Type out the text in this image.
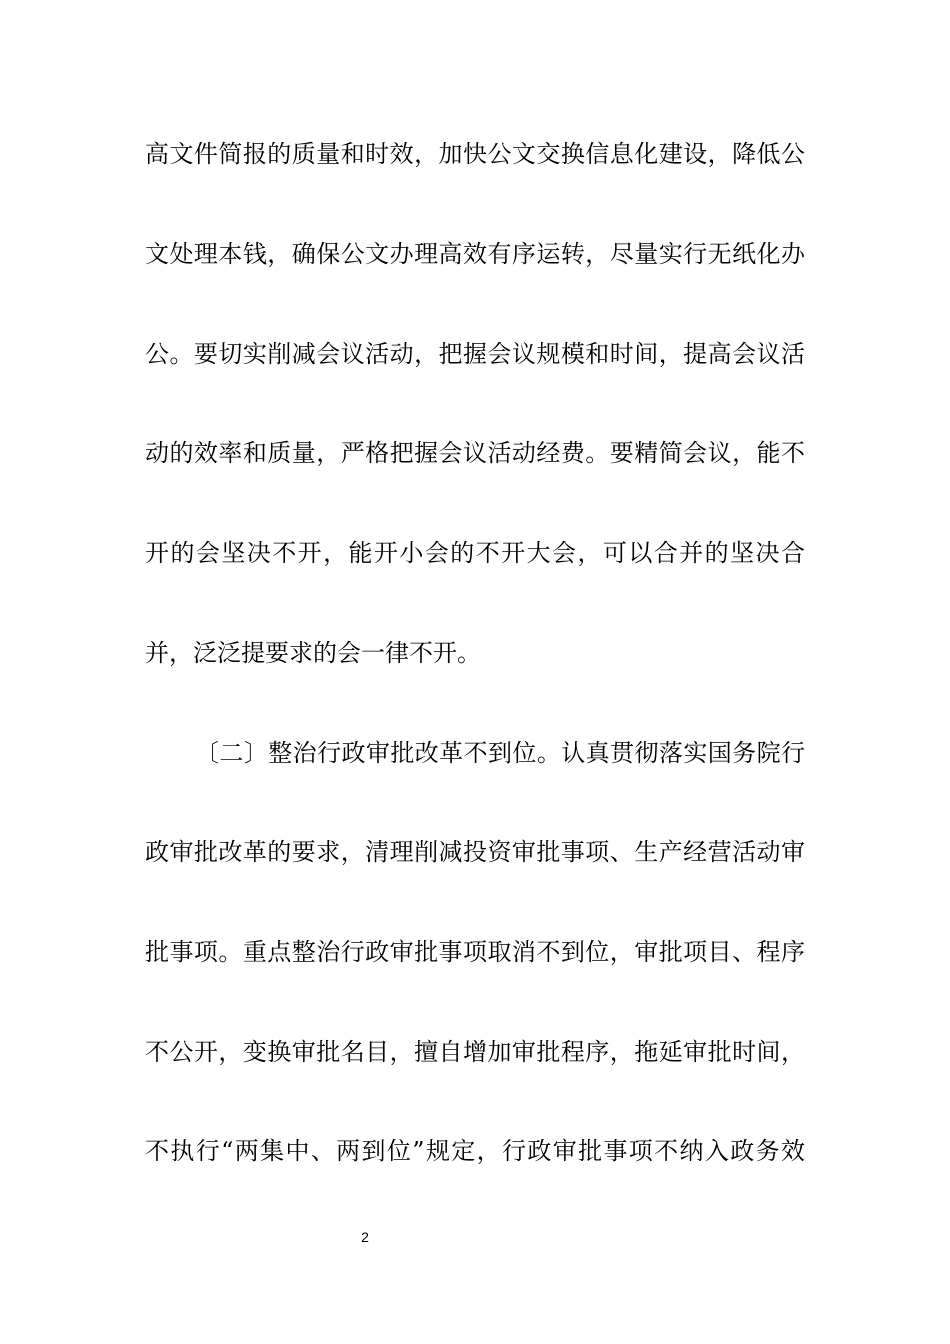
高文件简报的质量和时效，加快公文交换信息化建设，降低公
文处理本钱，确保公文办理高效有序运转，尽量实行无纸化办
公。要切实削减会议活动，把握会议规模和时间，提高会议活
动的效率和质量，严格把握会议活动经费。要精简会议，能不
开的会坚决不开，能开小会的不开大会，可以合并的坚决合
并，泛泛提要求的会一律不开。
〔二〕整治行政审批改革不到位。认真贯彻落实国务院行
政审批改革的要求，清理削减投资审批事项、生产经营活动审
批事项。重点整治行政审批事项取消不到位，审批项目、程序
不公开，变换审批名目，擅自增加审批程序，拖延审批时间，
不执行“两集中、两到位”规定，行政审批事项不纳入政务效
2
